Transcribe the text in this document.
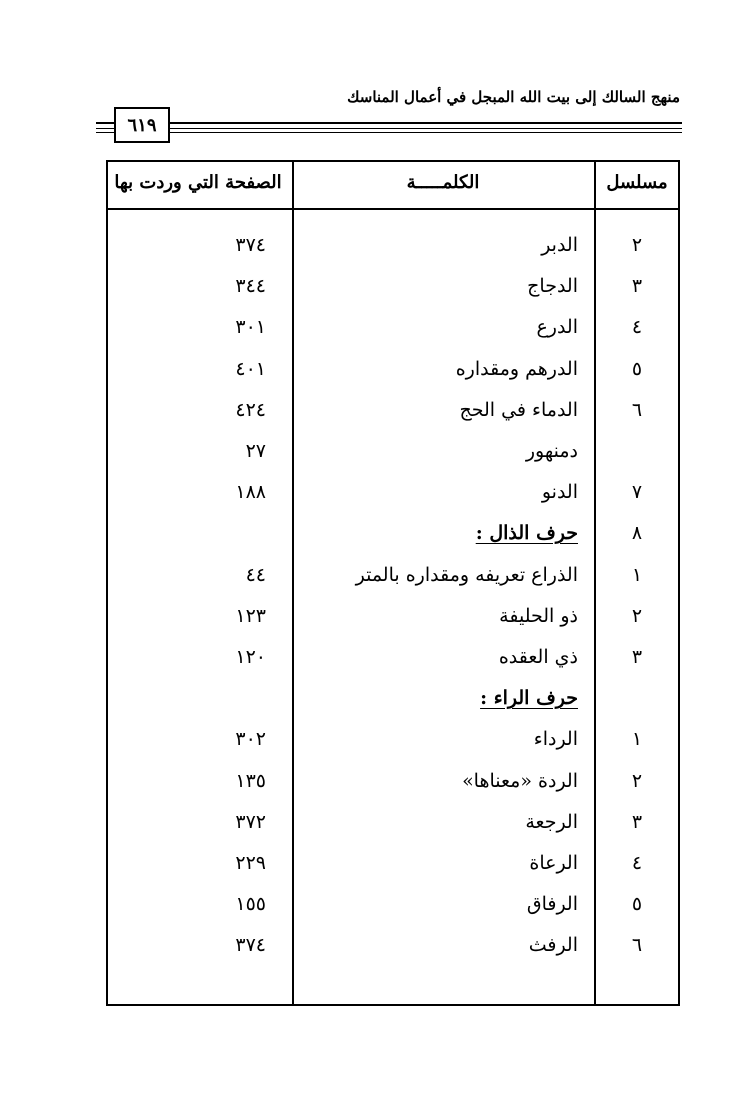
منهج السالك إلى بيت الله المبجل في أعمال المناسك
٦١٩
مسلسل
الكلمـــــة
الصفحة التي وردت بها
٢
الدبر
٣٧٤
٣
الدجاج
٣٤٤
٤
الدرع
٣٠١
٥
الدرهم ومقداره
٤٠١
٦
الدماء في الحج
٤٢٤
دمنهور
٢٧
٧
الدنو
١٨٨
٨
حرف الذال :
١
الذراع تعريفه ومقداره بالمتر
٤٤
٢
ذو الحليفة
١٢٣
٣
ذي العقده
١٢٠
حرف الراء :
١
الرداء
٣٠٢
٢
الردة «معناها»
١٣٥
٣
الرجعة
٣٧٢
٤
الرعاة
٢٢٩
٥
الرفاق
١٥٥
٦
الرفث
٣٧٤
